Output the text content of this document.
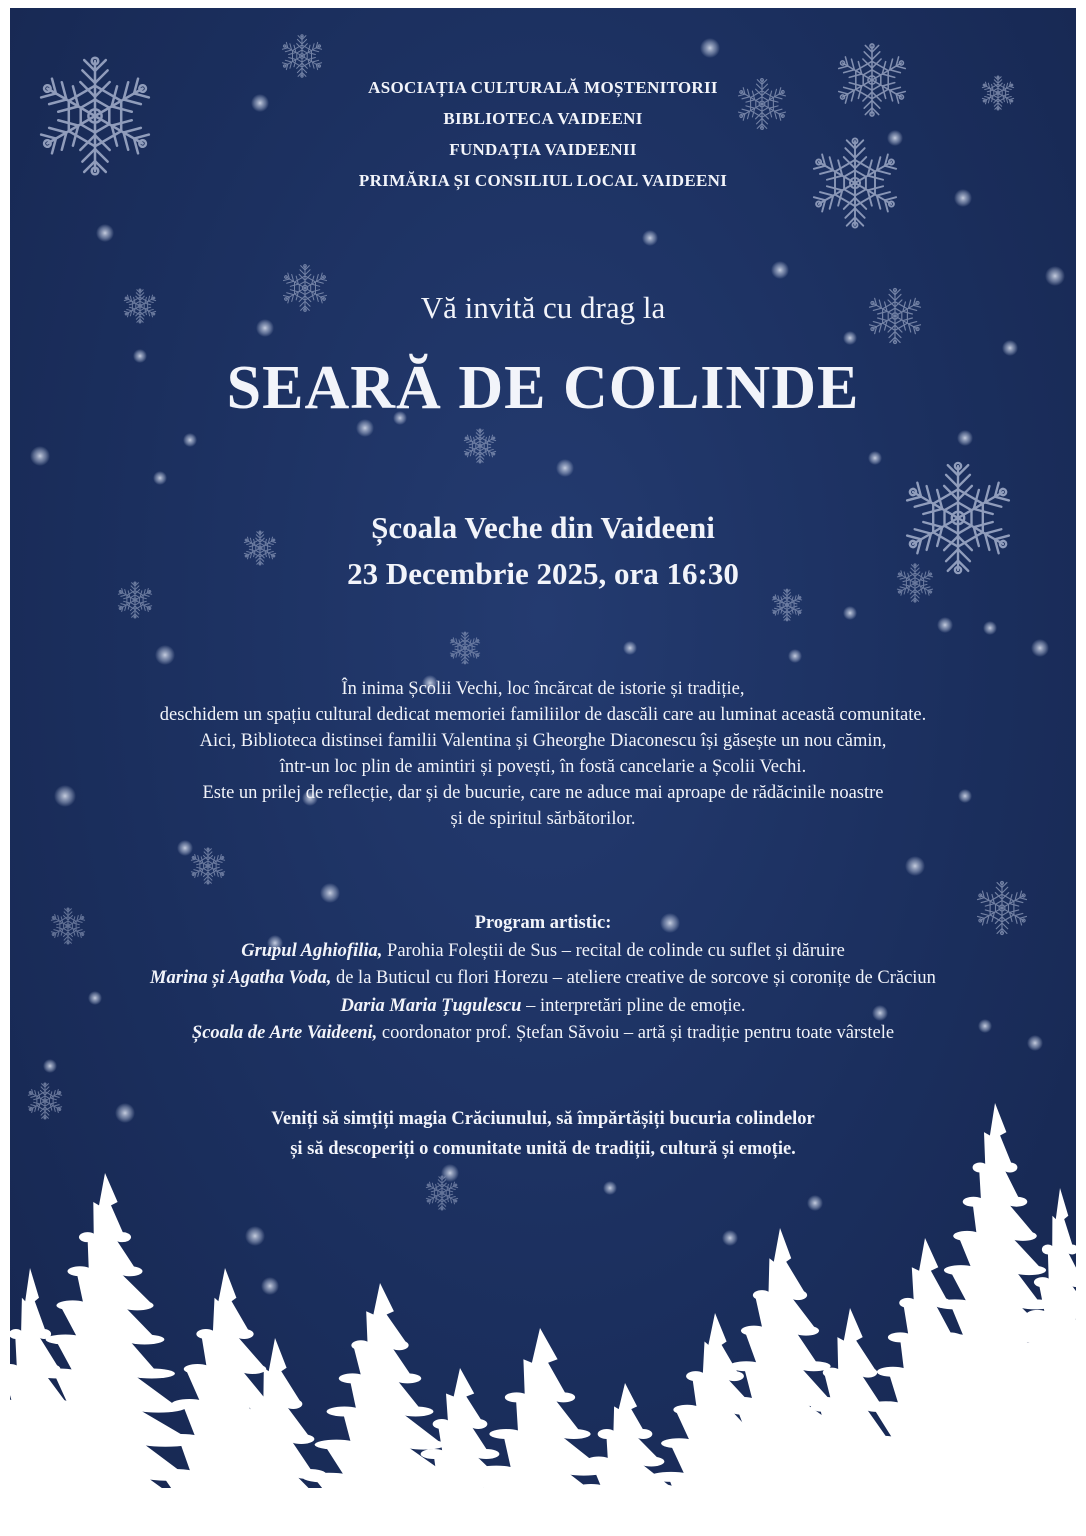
ASOCIAȚIA CULTURALĂ MOȘTENITORII
BIBLIOTECA VAIDEENI
FUNDAȚIA VAIDEENII
PRIMĂRIA ȘI CONSILIUL LOCAL VAIDEENI
Vă invită cu drag la
SEARĂ DE COLINDE
Școala Veche din Vaideeni
23 Decembrie 2025, ora 16:30
În inima Școlii Vechi, loc încărcat de istorie și tradiție,
deschidem un spațiu cultural dedicat memoriei familiilor de dascăli care au luminat această comunitate.
Aici, Biblioteca distinsei familii Valentina și Gheorghe Diaconescu își găsește un nou cămin,
într-un loc plin de amintiri și povești, în fostă cancelarie a Școlii Vechi.
Este un prilej de reflecție, dar și de bucurie, care ne aduce mai aproape de rădăcinile noastre
și de spiritul sărbătorilor.
Program artistic:
Grupul Aghiofilia, Parohia Foleștii de Sus – recital de colinde cu suflet și dăruire
Marina și Agatha Voda, de la Buticul cu flori Horezu – ateliere creative de sorcove și coronițe de Crăciun
Daria Maria Țugulescu – interpretări pline de emoție.
Școala de Arte Vaideeni, coordonator prof. Ștefan Săvoiu – artă și tradiție pentru toate vârstele
Veniți să simțiți magia Crăciunului, să împărtășiți bucuria colindelor
și să descoperiți o comunitate unită de tradiții, cultură și emoție.
